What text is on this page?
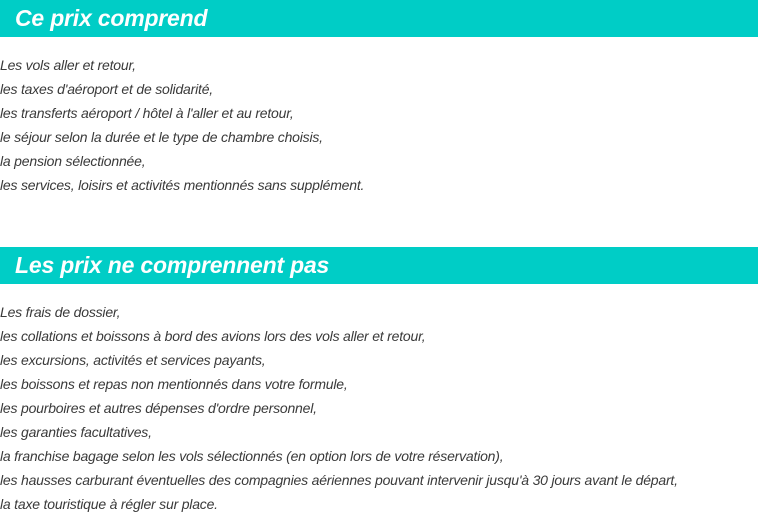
Ce prix comprend
Les vols aller et retour,
les taxes d'aéroport et de solidarité,
les transferts aéroport / hôtel à l'aller et au retour,
le séjour selon la durée et le type de chambre choisis,
la pension sélectionnée,
les services, loisirs et activités mentionnés sans supplément.
Les prix ne comprennent pas
Les frais de dossier,
les collations et boissons à bord des avions lors des vols aller et retour,
les excursions, activités et services payants,
les boissons et repas non mentionnés dans votre formule,
les pourboires et autres dépenses d'ordre personnel,
les garanties facultatives,
la franchise bagage selon les vols sélectionnés (en option lors de votre réservation),
les hausses carburant éventuelles des compagnies aériennes pouvant intervenir jusqu'à 30 jours avant le départ,
la taxe touristique à régler sur place.
